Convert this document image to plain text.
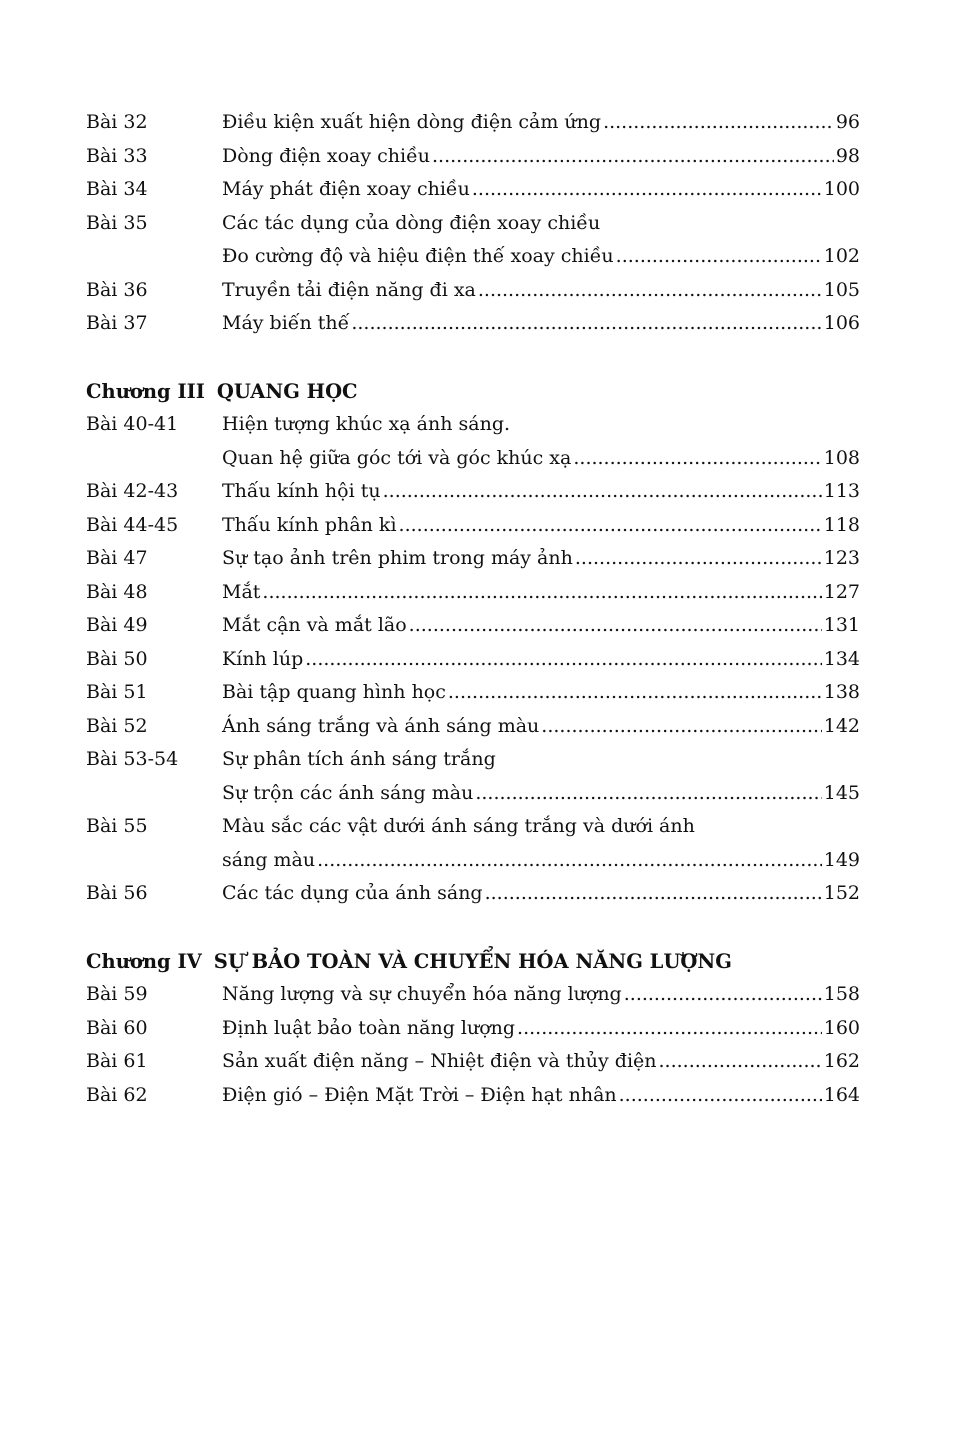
Bài 32	Điều kiện xuất hiện dòng điện cảm ứng .....	96
Bài 33	Dòng điện xoay chiều .....	98
Bài 34	Máy phát điện xoay chiều .....	100
Bài 35	Các tác dụng của dòng điện xoay chiều
Đo cường độ và hiệu điện thế xoay chiều .....	102
Bài 36	Truyền tải điện năng đi xa .....	105
Bài 37	Máy biến thế .....	106
Chương III QUANG HỌC
Bài 40-41	Hiện tượng khúc xạ ánh sáng.
Quan hệ giữa góc tới và góc khúc xạ .....	108
Bài 42-43	Thấu kính hội tụ .....	113
Bài 44-45	Thấu kính phân kì .....	118
Bài 47	Sự tạo ảnh trên phim trong máy ảnh .....	123
Bài 48	Mắt .....	127
Bài 49	Mắt cận và mắt lão .....	131
Bài 50	Kính lúp .....	134
Bài 51	Bài tập quang hình học .....	138
Bài 52	Ánh sáng trắng và ánh sáng màu .....	142
Bài 53-54	Sự phân tích ánh sáng trắng
Sự trộn các ánh sáng màu .....	145
Bài 55	Màu sắc các vật dưới ánh sáng trắng và dưới ánh
sáng màu .....	149
Bài 56	Các tác dụng của ánh sáng .....	152
Chương IV SỰ BẢO TOÀN VÀ CHUYỂN HÓA NĂNG LƯỢNG
Bài 59	Năng lượng và sự chuyển hóa năng lượng .....	158
Bài 60	Định luật bảo toàn năng lượng .....	160
Bài 61	Sản xuất điện năng – Nhiệt điện và thủy điện .....	162
Bài 62	Điện gió – Điện Mặt Trời – Điện hạt nhân .....	164
